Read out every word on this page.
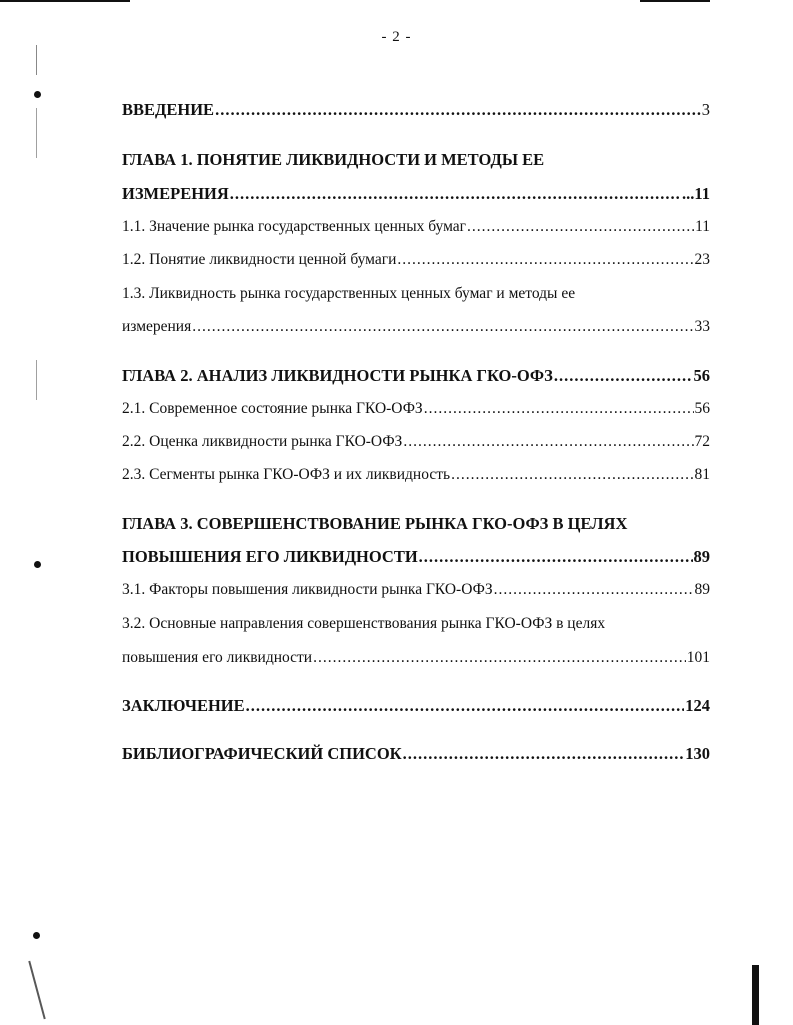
- 2 -
ВВЕДЕНИЕ .....	3
ГЛАВА 1. ПОНЯТИЕ ЛИКВИДНОСТИ И МЕТОДЫ ЕЕ
ИЗМЕРЕНИЯ .....	...11
1.1. Значение рынка государственных ценных бумаг .....	11
1.2. Понятие ликвидности ценной бумаги .....	23
1.3. Ликвидность рынка государственных ценных бумаг и методы ее
измерения .....	33
ГЛАВА 2. АНАЛИЗ ЛИКВИДНОСТИ РЫНКА ГКО-ОФЗ .....	56
2.1. Современное состояние рынка ГКО-ОФЗ .....	56
2.2. Оценка ликвидности рынка ГКО-ОФЗ .....	72
2.3. Сегменты рынка ГКО-ОФЗ и их ликвидность .....	81
ГЛАВА 3. СОВЕРШЕНСТВОВАНИЕ РЫНКА ГКО-ОФЗ В ЦЕЛЯХ
ПОВЫШЕНИЯ ЕГО ЛИКВИДНОСТИ .....	89
3.1. Факторы повышения ликвидности рынка ГКО-ОФЗ .....	89
3.2. Основные направления совершенствования рынка ГКО-ОФЗ в целях
повышения его ликвидности .....	101
ЗАКЛЮЧЕНИЕ .....	124
БИБЛИОГРАФИЧЕСКИЙ СПИСОК .....	130
